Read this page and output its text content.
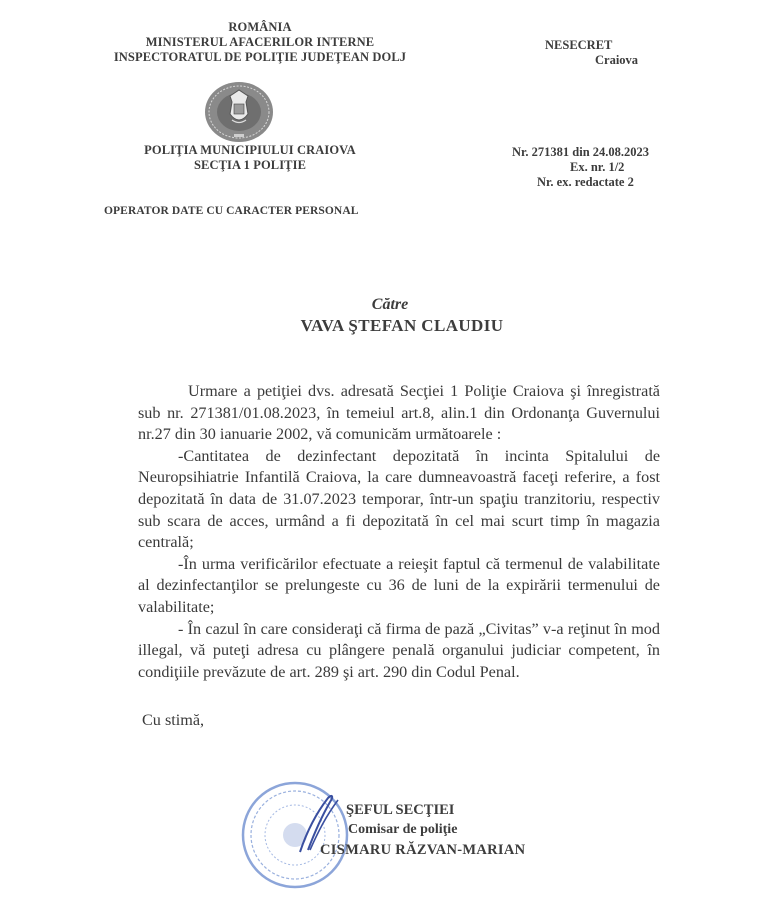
ROMÂNIA
MINISTERUL AFACERILOR INTERNE
INSPECTORATUL DE POLIŢIE JUDEŢEAN DOLJ
POLIŢIA MUNICIPIULUI CRAIOVA
SECŢIA 1 POLIŢIE
OPERATOR DATE CU CARACTER PERSONAL
NESECRET
Craiova
Nr. 271381 din 24.08.2023
Ex. nr. 1/2
Nr. ex. redactate 2
Către
VAVA ŞTEFAN CLAUDIU

Urmare a petiţiei dvs. adresată Secţiei 1 Poliţie Craiova şi înregistrată sub nr. 271381/01.08.2023, în temeiul art.8, alin.1 din Ordonanţa Guvernului nr.27 din 30 ianuarie 2002, vă comunicăm următoarele :

-Cantitatea de dezinfectant depozitată în incinta Spitalului de Neuropsihiatrie Infantilă Craiova, la care dumneavoastră faceţi referire, a fost depozitată în data de 31.07.2023 temporar, într-un spaţiu tranzitoriu, respectiv sub scara de acces, urmând a fi depozitată în cel mai scurt timp în magazia centrală;

-În urma verificărilor efectuate a reieşit faptul că termenul de valabilitate al dezinfectanţilor se prelungeste cu 36 de luni de la expirării termenului de valabilitate;

- În cazul în care consideraţi că firma de pază „Civitas” v-a reţinut în mod illegal, vă puteţi adresa cu plângere penală organului judiciar competent, în condiţiile prevăzute de art. 289 şi art. 290 din Codul Penal.

Cu stimă,
ŞEFUL SECŢIEI
Comisar de poliţie
CISMARU RĂZVAN-MARIAN
